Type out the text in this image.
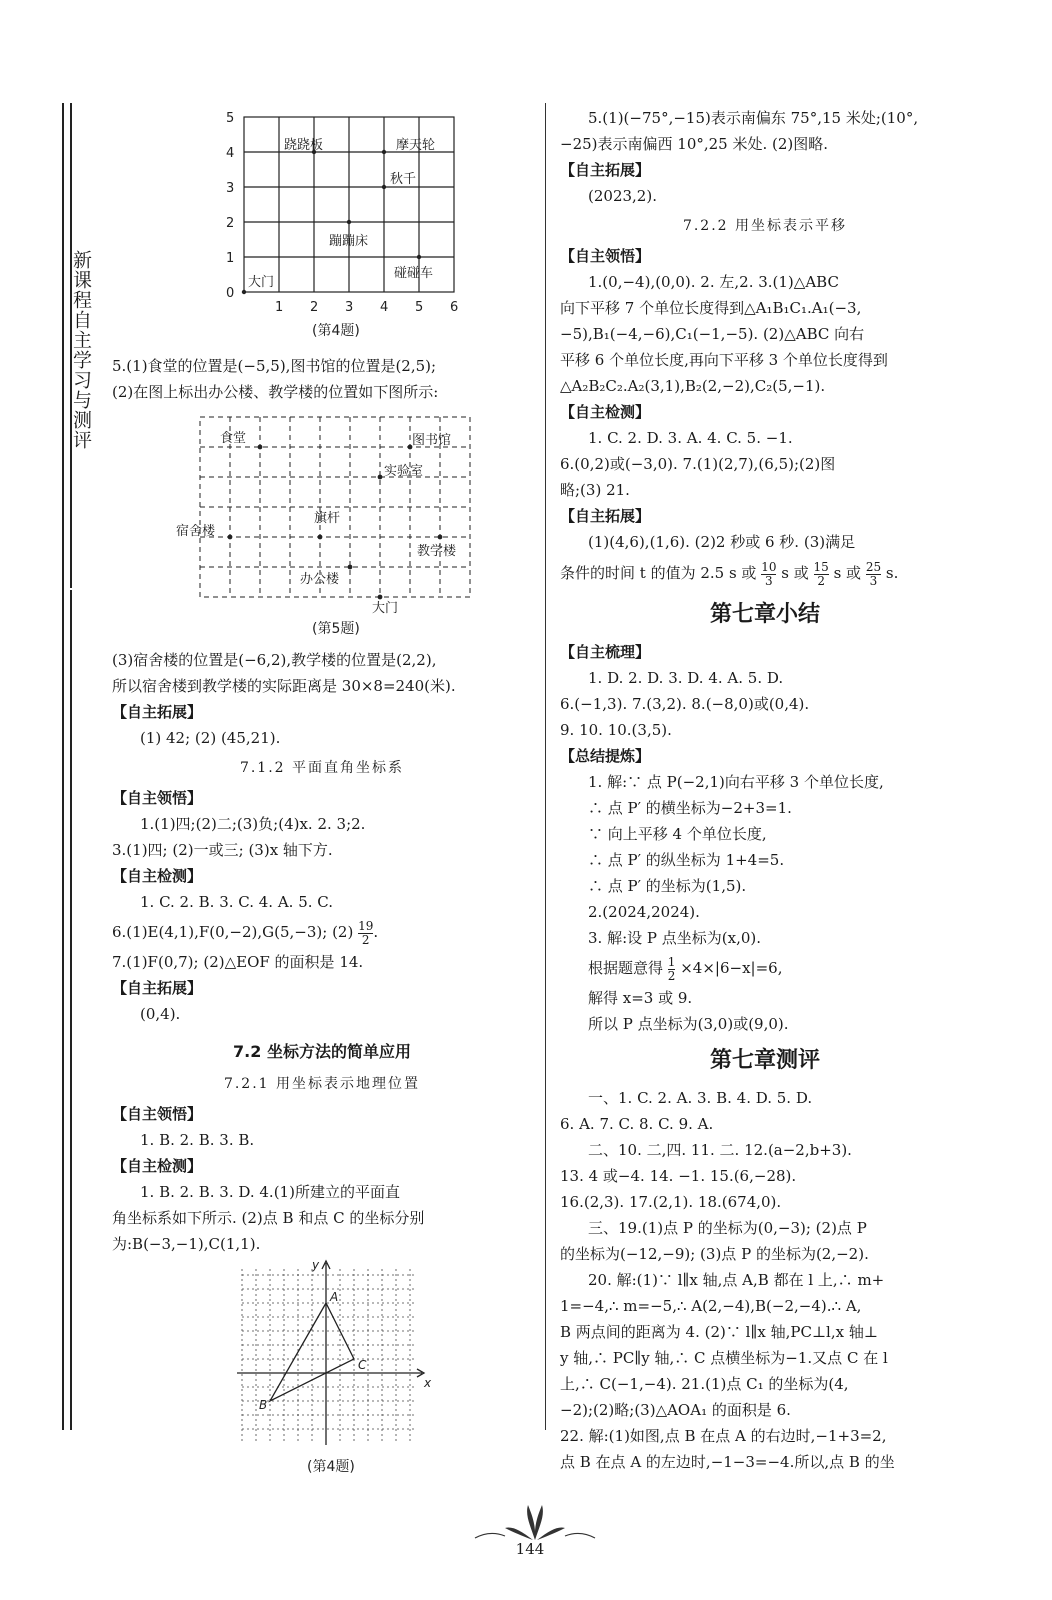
新课程自主学习与测评
5
4
3
2
1
0
1 2 3 4 5 6
跷跷板	摩天轮
秋千
蹦蹦床
大门
碰碰车
(第4题)

5.(1)食堂的位置是(−5,5),图书馆的位置是(2,5);

(2)在图上标出办公楼、教学楼的位置如下图所示:

食堂	图书馆
实验室
宿舍楼
旗杆
教学楼
办公楼
大门
(第5题)

(3)宿舍楼的位置是(−6,2),教学楼的位置是(2,2),

所以宿舍楼到教学楼的实际距离是 30×8=240(米).

【自主拓展】

(1) 42; (2) (45,21).

7.1.2 平面直角坐标系

【自主领悟】

1.(1)四;(2)二;(3)负;(4)x. 2. 3;2.

3.(1)四; (2)一或三; (3)x 轴下方.

【自主检测】

1. C. 2. B. 3. C. 4. A. 5. C.

6.(1)E(4,1),F(0,−2),G(5,−3); $(2) \frac{19}{2}$ .

7.(1)F(0,7); (2)△EOF 的面积是 14.

【自主拓展】

(0,4).

7.2 坐标方法的简单应用

7.2.1 用坐标表示地理位置

【自主领悟】

1. B. 2. B. 3. B.

【自主检测】

1. B. 2. B. 3. D. 4.(1)所建立的平面直

角坐标系如下所示. (2)点 B 和点 C 的坐标分别

为:B(−3,−1),C(1,1).

x
y
A
B
C
(第4题)

5.(1)(−75°,−15)表示南偏东 75°,15 米处;(10°,

−25)表示南偏西 10°,25 米处. (2)图略.

【自主拓展】

(2023,2).

7.2.2 用坐标表示平移

【自主领悟】

1.(0,−4),(0,0). 2. 左,2. 3.(1)△ABC

向下平移 7 个单位长度得到△A₁B₁C₁.A₁(−3,

−5),B₁(−4,−6),C₁(−1,−5). (2)△ABC 向右

平移 6 个单位长度,再向下平移 3 个单位长度得到

△A₂B₂C₂.A₂(3,1),B₂(2,−2),C₂(5,−1).

【自主检测】

1. C. 2. D. 3. A. 4. C. 5. −1.

6.(0,2)或(−3,0). 7.(1)(2,7),(6,5);(2)图

略;(3) 21.

【自主拓展】

(1)(4,6),(1,6). (2)2 秒或 6 秒. (3)满足

条件的时间 t 的值为 2.5 s 或 $\frac{10}{3}$ s 或 $\frac{15}{2}$ s 或 $\frac{25}{3} s$.

第七章小结

【自主梳理】

1. D. 2. D. 3. D. 4. A. 5. D.

6.(−1,3). 7.(3,2). 8.(−8,0)或(0,4).

9. 10. 10.(3,5).

【总结提炼】

1. 解:∵ 点 P(−2,1)向右平移 3 个单位长度,

∴ 点 P′ 的横坐标为−2+3=1.

∵ 向上平移 4 个单位长度,

∴ 点 P′ 的纵坐标为 1+4=5.

∴ 点 P′ 的坐标为(1,5).

2.(2024,2024).

3. 解:设 P 点坐标为(x,0).

根据题意得 $\frac{1}{2} \times 4\times|6-x|=6$,

解得 x=3 或 9.

所以 P 点坐标为(3,0)或(9,0).

第七章测评

一、1. C. 2. A. 3. B. 4. D. 5. D.

6. A. 7. C. 8. C. 9. A.

二、10. 二,四. 11. 二. 12.(a−2,b+3).

13. 4 或−4. 14. −1. 15.(6,−28).

16.(2,3). 17.(2,1). 18.(674,0).

三、19.(1)点 P 的坐标为(0,−3); (2)点 P

的坐标为(−12,−9); (3)点 P 的坐标为(2,−2).

20. 解:(1)∵ l∥x 轴,点 A,B 都在 l 上,∴ m+

1=−4,∴ m=−5,∴ A(2,−4),B(−2,−4).∴ A,

B 两点间的距离为 4. (2)∵ l∥x 轴,PC⊥l,x 轴⊥

y 轴,∴ PC∥y 轴,∴ C 点横坐标为−1.又点 C 在 l

上,∴ C(−1,−4). 21.(1)点 C₁ 的坐标为(4,

−2);(2)略;(3)△AOA₁ 的面积是 6.

22. 解:(1)如图,点 B 在点 A 的右边时,−1+3=2,

点 B 在点 A 的左边时,−1−3=−4.所以,点 B 的坐

144
